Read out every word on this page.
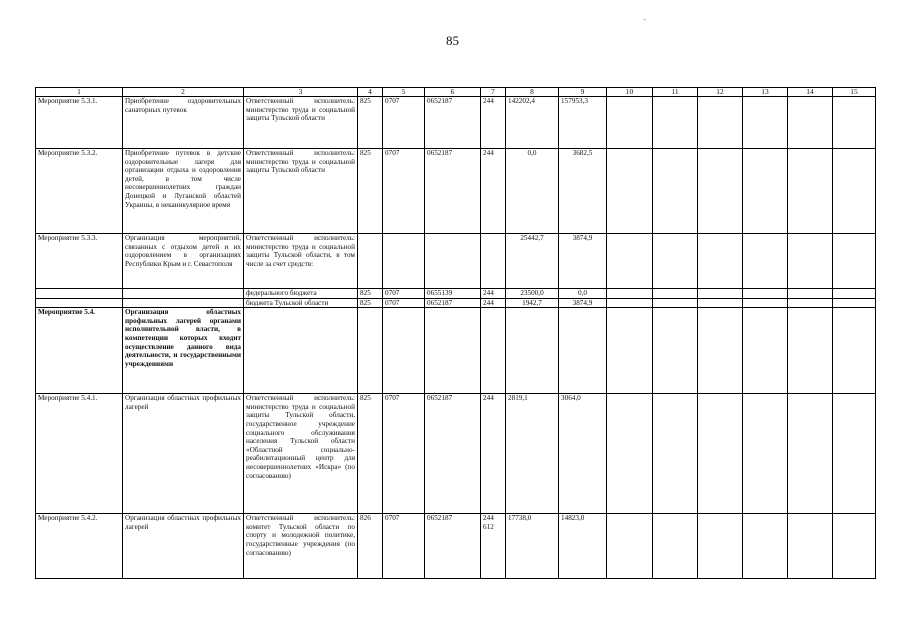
-
85
1	2	3	4	5	6	7	8	9	10	11	12	13	14	15
Мероприятие 5.3.1.	Приобретение оздоровительных санаторных путевок	Ответственный исполнитель: министерство труда и социальной защиты Тульской области	825	0707	0652187	244	142202,4	157953,3						
Мероприятие 5.3.2.	Приобретение путевок в детские оздоровительные лагеря для организации отдыха и оздоровления детей, в том числе несовершеннолетних граждан Донецкой и Луганской областей Украины, в неканикулярное время	Ответственный исполнитель: министерство труда и социальной защиты Тульской области	825	0707	0652187	244	0,0	3682,5						
Мероприятие 5.3.3.	Организация мероприятий, связанных с отдыхом детей и их оздоровлением в организациях Республики Крым и г. Севастополя	Ответственный исполнитель: министерство труда и социальной защиты Тульской области, в том числе за счет средств:					25442,7	3874,9						
		федерального бюджета	825	0707	0655139	244	23500,0	0,0						
		бюджета Тульской области	825	0707	0652187	244	1942,7	3874,9						
Мероприятие 5.4.	Организация областных профильных лагерей органами исполнительной власти, в компетенции которых входит осуществление данного вида деятельности, и государственными учреждениями													
Мероприятие 5.4.1.	Организация областных профильных лагерей	Ответственный исполнитель: министерство труда и социальной защиты Тульской области, государственное учреждение социального обслуживания населения Тульской области «Областной социально-реабилитационный центр для несовершеннолетних «Искра» (по согласованию)	825	0707	0652187	244	2819,1	3064,0						
Мероприятие 5.4.2.	Организация областных профильных лагерей	Ответственный исполнитель: комитет Тульской области по спорту и молодежной политике, государственные учреждения (по согласованию)	826	0707	0652187	244 612	17738,0	14823,0						
